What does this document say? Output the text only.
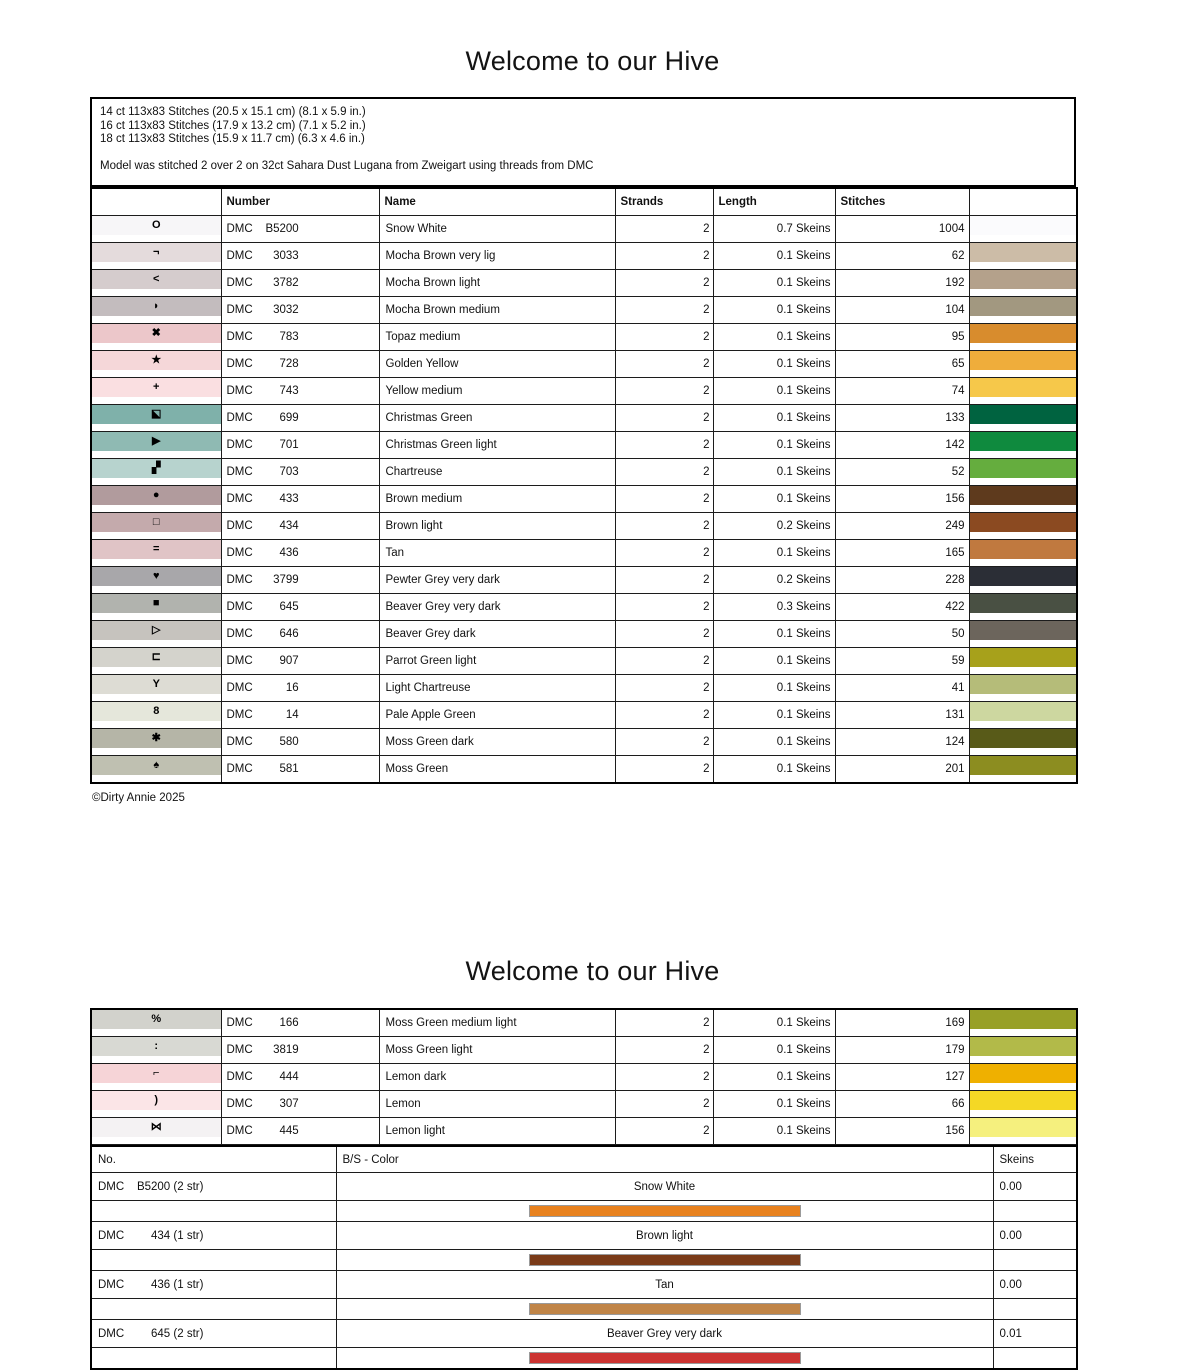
Welcome to our Hive
14 ct 113x83 Stitches (20.5 x 15.1 cm) (8.1 x 5.9 in.)
16 ct 113x83 Stitches (17.9 x 13.2 cm) (7.1 x 5.2 in.)
18 ct 113x83 Stitches (15.9 x 11.7 cm) (6.3 x 4.6 in.)
Model was stitched 2 over 2 on 32ct Sahara Dust Lugana from Zweigart using threads from DMC
	Number	Name	Strands	Length	Stitches	

O	DMC B5200	Snow White	2	0.7 Skeins	1004	

¬	DMC 3033	Mocha Brown very lig	2	0.1 Skeins	62	

<	DMC 3782	Mocha Brown light	2	0.1 Skeins	192	

◗	DMC 3032	Mocha Brown medium	2	0.1 Skeins	104	

✖	DMC 783	Topaz medium	2	0.1 Skeins	95	

★	DMC 728	Golden Yellow	2	0.1 Skeins	65	

+	DMC 743	Yellow medium	2	0.1 Skeins	74	

◪	DMC 699	Christmas Green	2	0.1 Skeins	133	

▶	DMC 701	Christmas Green light	2	0.1 Skeins	142	

▞	DMC 703	Chartreuse	2	0.1 Skeins	52	

●	DMC 433	Brown medium	2	0.1 Skeins	156	

□	DMC 434	Brown light	2	0.2 Skeins	249	

=	DMC 436	Tan	2	0.1 Skeins	165	

♥	DMC 3799	Pewter Grey very dark	2	0.2 Skeins	228	

■	DMC 645	Beaver Grey very dark	2	0.3 Skeins	422	

▷	DMC 646	Beaver Grey dark	2	0.1 Skeins	50	

⊏	DMC 907	Parrot Green light	2	0.1 Skeins	59	

Y	DMC 16	Light Chartreuse	2	0.1 Skeins	41	

8	DMC 14	Pale Apple Green	2	0.1 Skeins	131	

✱	DMC 580	Moss Green dark	2	0.1 Skeins	124	

♠	DMC 581	Moss Green	2	0.1 Skeins	201	
©Dirty Annie 2025
Welcome to our Hive
%	DMC 166	Moss Green medium light	2	0.1 Skeins	169	

:	DMC 3819	Moss Green light	2	0.1 Skeins	179	

⌐	DMC 444	Lemon dark	2	0.1 Skeins	127	

)	DMC 307	Lemon	2	0.1 Skeins	66	

⋈	DMC 445	Lemon light	2	0.1 Skeins	156	
No.	B/S - Color	Skeins
DMC B5200 (2 str)	Snow White	0.00

DMC 434 (1 str)	Brown light	0.00

DMC 436 (1 str)	Tan	0.00

DMC 645 (2 str)	Beaver Grey very dark	0.01
